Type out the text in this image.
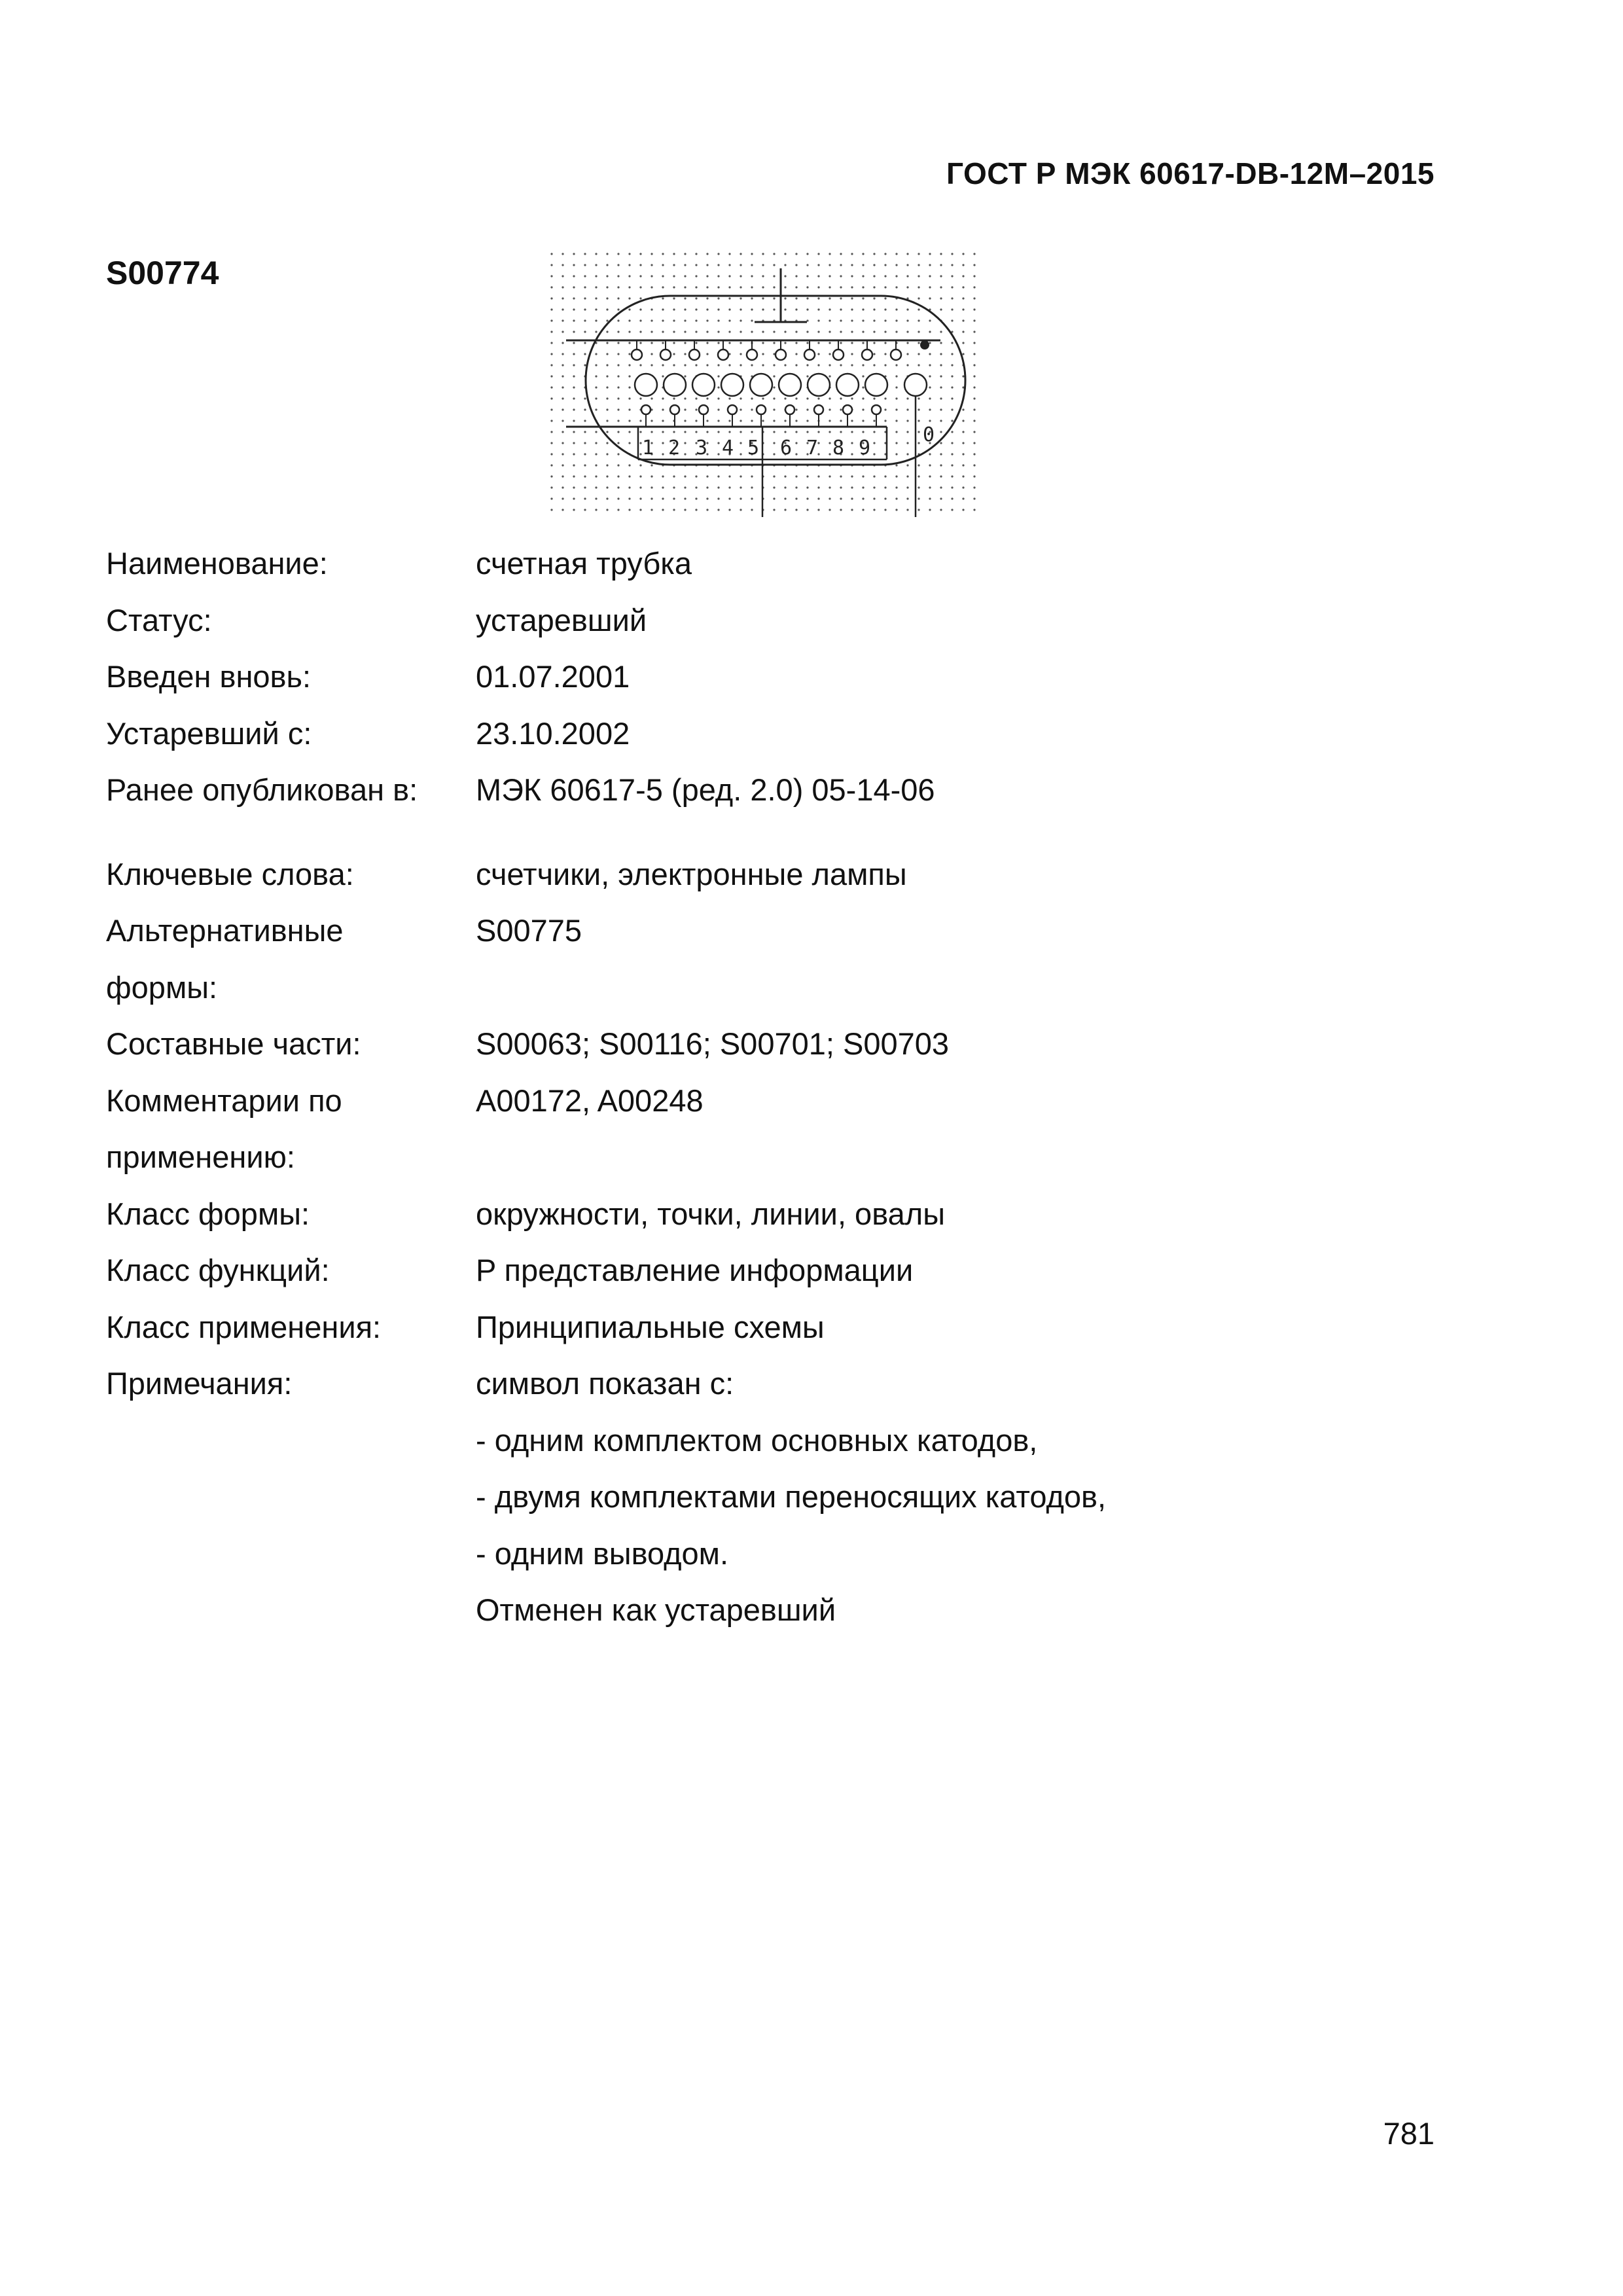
ГОСТ Р МЭК 60617-DB-12M–2015
S00774
1 2 3 4 5 6 7 8 9
0
Наименование:	счетная трубка
Статус:	устаревший
Введен вновь:	01.07.2001
Устаревший с:	23.10.2002
Ранее опубликован в:	МЭК 60617-5 (ред. 2.0) 05-14-06
Ключевые слова:	счетчики, электронные лампы
Альтернативные	S00775
формы:
Составные части:	S00063; S00116; S00701; S00703
Комментарии по	A00172, A00248
применению:
Класс формы:	окружности, точки, линии, овалы
Класс функций:	P представление информации
Класс применения:	Принципиальные схемы
Примечания:	символ показан с:
- одним комплектом основных катодов,
- двумя комплектами переносящих катодов,
- одним выводом.
Отменен как устаревший
781
